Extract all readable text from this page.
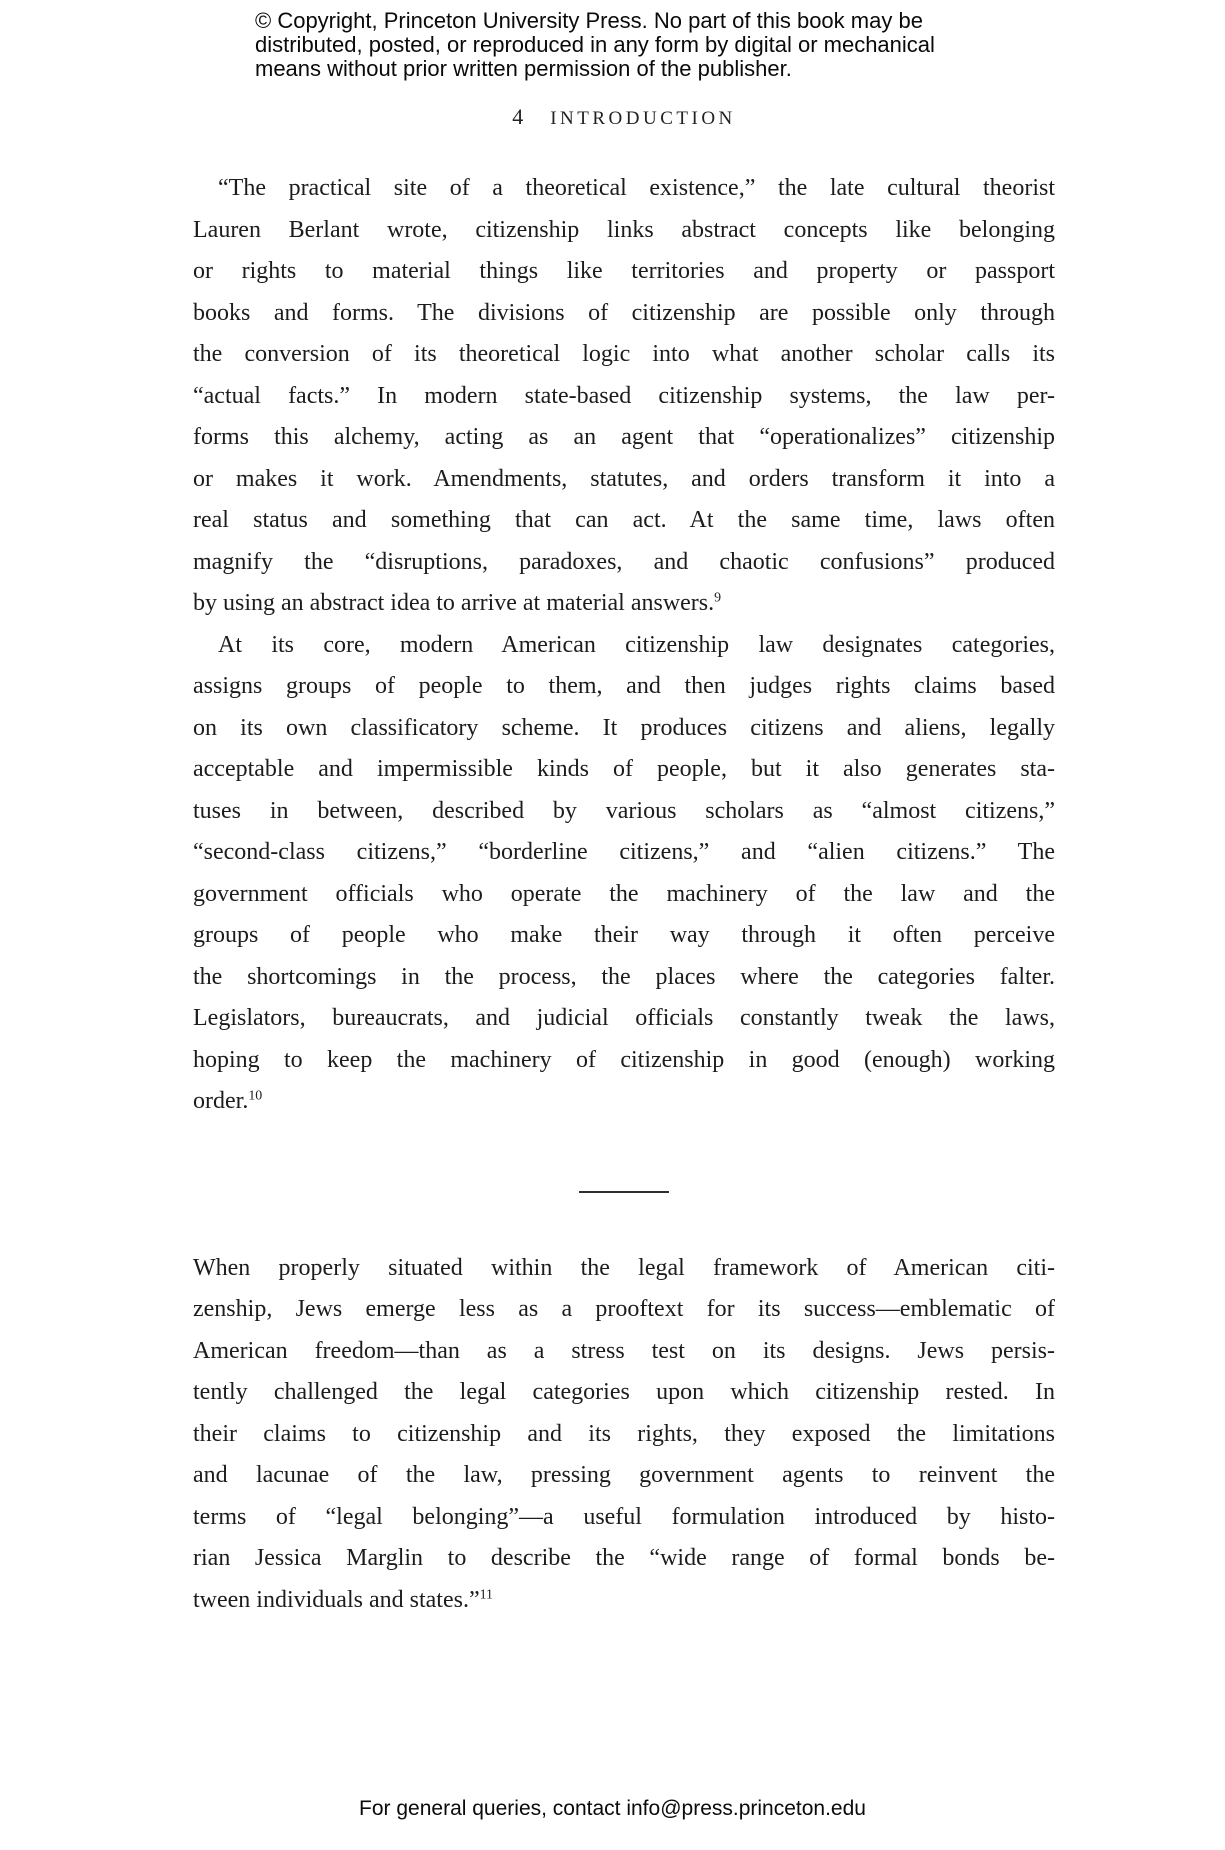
© Copyright, Princeton University Press. No part of this book may be
distributed, posted, or reproduced in any form by digital or mechanical
means without prior written permission of the publisher.
4 INTRODUCTION
“The practical site of a theoretical existence,” the late cultural theorist
Lauren Berlant wrote, citizenship links abstract concepts like belonging
or rights to material things like territories and property or passport
books and forms. The divisions of citizenship are possible only through
the conversion of its theoretical logic into what another scholar calls its
“actual facts.” In modern state-based citizenship systems, the law per-
forms this alchemy, acting as an agent that “operationalizes” citizenship
or makes it work. Amendments, statutes, and orders transform it into a
real status and something that can act. At the same time, laws often
magnify the “disruptions, paradoxes, and chaotic confusions” produced
by using an abstract idea to arrive at material answers.$^9$
At its core, modern American citizenship law designates categories,
assigns groups of people to them, and then judges rights claims based
on its own classificatory scheme. It produces citizens and aliens, legally
acceptable and impermissible kinds of people, but it also generates sta-
tuses in between, described by various scholars as “almost citizens,”
“second-class citizens,” “borderline citizens,” and “alien citizens.” The
government officials who operate the machinery of the law and the
groups of people who make their way through it often perceive
the shortcomings in the process, the places where the categories falter.
Legislators, bureaucrats, and judicial officials constantly tweak the laws,
hoping to keep the machinery of citizenship in good (enough) working
order.$^{10}$
When properly situated within the legal framework of American citi-
zenship, Jews emerge less as a prooftext for its success—emblematic of
American freedom—than as a stress test on its designs. Jews persis-
tently challenged the legal categories upon which citizenship rested. In
their claims to citizenship and its rights, they exposed the limitations
and lacunae of the law, pressing government agents to reinvent the
terms of “legal belonging”—a useful formulation introduced by histo-
rian Jessica Marglin to describe the “wide range of formal bonds be-
tween individuals and states.”$^{11}$
For general queries, contact info@press.princeton.edu
